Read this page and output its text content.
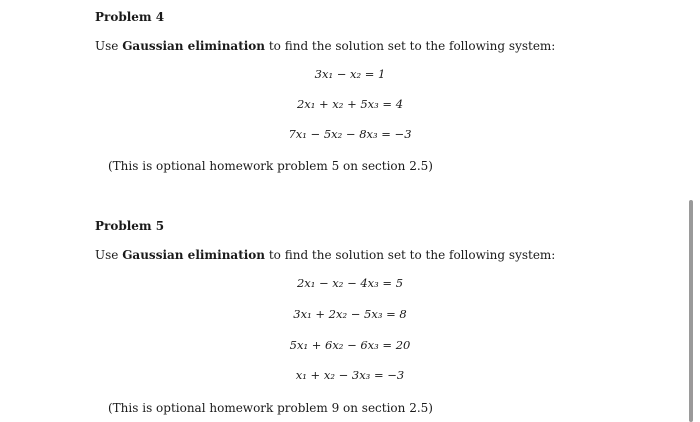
Problem 4
Use Gaussian elimination to find the solution set to the following system:
3x₁ − x₂ = 1
2x₁ + x₂ + 5x₃ = 4
7x₁ − 5x₂ − 8x₃ = −3
(This is optional homework problem 5 on section 2.5)
Problem 5
Use Gaussian elimination to find the solution set to the following system:
2x₁ − x₂ − 4x₃ = 5
3x₁ + 2x₂ − 5x₃ = 8
5x₁ + 6x₂ − 6x₃ = 20
x₁ + x₂ − 3x₃ = −3
(This is optional homework problem 9 on section 2.5)
